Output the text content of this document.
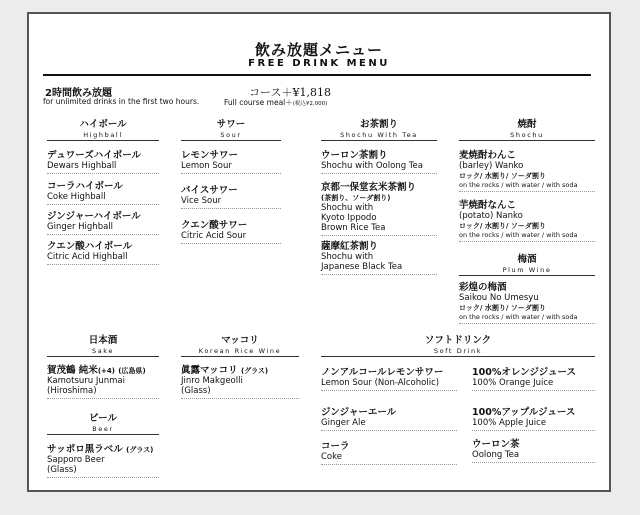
飲み放題メニュー
FREE DRINK MENU
2時間飲み放題
for unlimited drinks in the first two hours.
コース＋¥1,818
Full course meal＋(税込¥2,000)
ハイボール
Highball
デュワーズハイボール
Dewars Highball
コーラハイボール
Coke Highball
ジンジャーハイボール
Ginger Highball
クエン酸ハイボール
Citric Acid Highball
サワー
Sour
レモンサワー
Lemon Sour
バイスサワー
Vice Sour
クエン酸サワー
Citric Acid Sour
お茶割り
Shochu With Tea
ウーロン茶割り
Shochu with Oolong Tea
京都一保堂玄米茶割り
(茶割り、ソーダ割り)
Shochu with
Kyoto Ippodo
Brown Rice Tea
薩摩紅茶割り
Shochu with
Japanese Black Tea
焼酎
Shochu
麦焼酎わんこ
(barley) Wanko
ロック/ 水割り/ ソーダ割り
on the rocks / with water / with soda
芋焼酎なんこ
(potato) Nanko
ロック/ 水割り/ ソーダ割り
on the rocks / with water / with soda
梅酒
Plum Wine
彩煌の梅酒
Saikou No Umesyu
ロック/ 水割り/ ソーダ割り
on the rocks / with water / with soda
日本酒
Sake
賀茂鶴 純米(+4) (広島県)
Kamotsuru Junmai
(Hiroshima)
ビール
Beer
サッポロ黒ラベル (グラス)
Sapporo Beer
(Glass)
マッコリ
Korean Rice Wine
眞露マッコリ (グラス)
Jinro Makgeolli
(Glass)
ソフトドリンク
Soft Drink
ノンアルコールレモンサワー
Lemon Sour (Non-Alcoholic)
ジンジャーエール
Ginger Ale
コーラ
Coke
100%オレンジジュース
100% Orange Juice
100%アップルジュース
100% Apple Juice
ウーロン茶
Oolong Tea
